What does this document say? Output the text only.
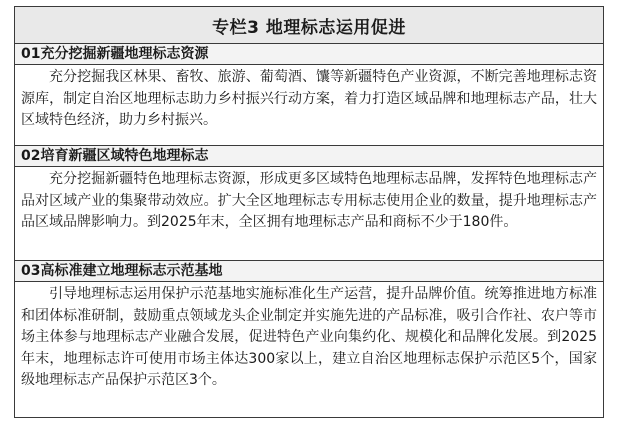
专栏3 地理标志运用促进
01充分挖掘新疆地理标志资源
充分挖掘我区林果、畜牧、旅游、葡萄酒、馕等新疆特色产业资源，不断完善地理标志资源库，制定自治区地理标志助力乡村振兴行动方案，着力打造区域品牌和地理标志产品，壮大区域特色经济，助力乡村振兴。
02培育新疆区域特色地理标志
充分挖掘新疆特色地理标志资源，形成更多区域特色地理标志品牌，发挥特色地理标志产品对区域产业的集聚带动效应。扩大全区地理标志专用标志使用企业的数量，提升地理标志产品区域品牌影响力。到2025年末，全区拥有地理标志产品和商标不少于180件。
03高标准建立地理标志示范基地
引导地理标志运用保护示范基地实施标准化生产运营，提升品牌价值。统筹推进地方标准和团体标准研制，鼓励重点领域龙头企业制定并实施先进的产品标准，吸引合作社、农户等市场主体参与地理标志产业融合发展，促进特色产业向集约化、规模化和品牌化发展。到2025年末，地理标志许可使用市场主体达300家以上，建立自治区地理标志保护示范区5个，国家级地理标志产品保护示范区3个。
